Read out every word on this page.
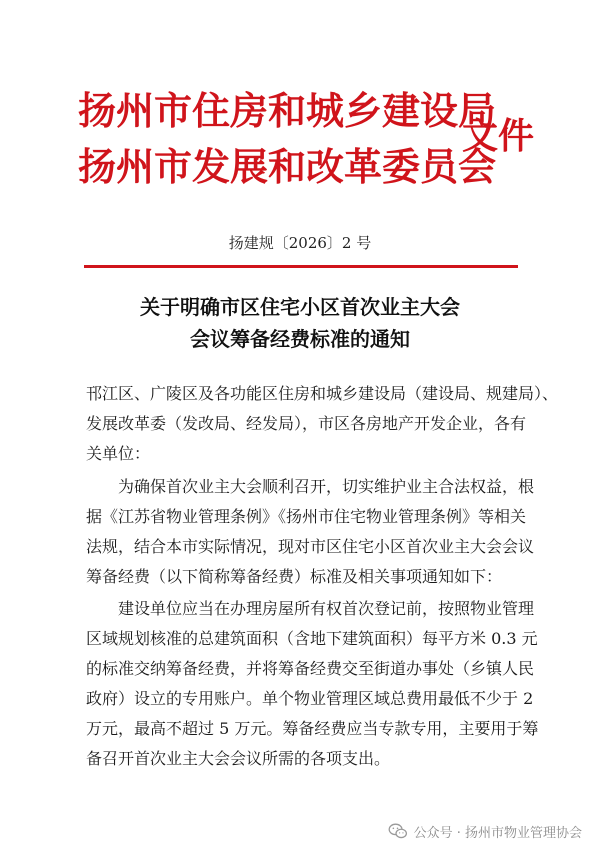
扬州市住房和城乡建设局
扬州市发展和改革委员会
文件
扬建规〔2026〕2 号
关于明确市区住宅小区首次业主大会
会议筹备经费标准的通知
邗江区、广陵区及各功能区住房和城乡建设局（建设局、规建局）、
发展改革委（发改局、经发局），市区各房地产开发企业，各有
关单位：
为确保首次业主大会顺利召开，切实维护业主合法权益，根
据《江苏省物业管理条例》《扬州市住宅物业管理条例》等相关
法规，结合本市实际情况，现对市区住宅小区首次业主大会会议
筹备经费（以下简称筹备经费）标准及相关事项通知如下：
建设单位应当在办理房屋所有权首次登记前，按照物业管理
区域规划核准的总建筑面积（含地下建筑面积）每平方米 0.3 元
的标准交纳筹备经费，并将筹备经费交至街道办事处（乡镇人民
政府）设立的专用账户。单个物业管理区域总费用最低不少于 2
万元，最高不超过 5 万元。筹备经费应当专款专用，主要用于筹
备召开首次业主大会会议所需的各项支出。
公众号 · 扬州市物业管理协会
